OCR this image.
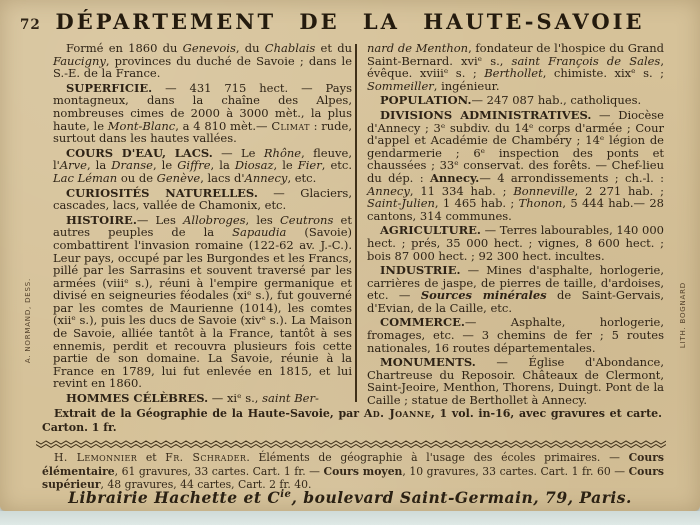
72 DÉPARTEMENT DE LA HAUTE-SAVOIE

Formé en 1860 du Genevois, du Chablais et du Faucigny, provinces du duché de Savoie ; dans le S.-E. de la France.

SUPERFICIE. — 431 715 hect. — Pays montagneux, dans la chaîne des Alpes, nombreuses cimes de 2000 à 3000 mèt., la plus haute, le Mont-Blanc, a 4 810 mèt.— Climat : rude, surtout dans les hautes vallées.

COURS D'EAU, LACS. — Le Rhône, fleuve, l'Arve, la Dranse, le Giffre, la Diosaz, le Fier, etc. Lac Léman ou de Genève, lacs d'Annecy, etc.

CURIOSITÉS NATURELLES. — Glaciers, cascades, lacs, vallée de Chamonix, etc.

HISTOIRE.— Les Allobroges, les Ceutrons et autres peuples de la Sapaudia (Savoie) combattirent l'invasion romaine (122-62 av. J.-C.). Leur pays, occupé par les Burgondes et les Francs, pillé par les Sarrasins et souvent traversé par les armées (viiiᵉ s.), réuni à l'empire germanique et divisé en seigneuries féodales (xiᵉ s.), fut gouverné par les comtes de Maurienne (1014), les comtes (xiiᵉ s.), puis les ducs de Savoie (xivᵉ s.). La Maison de Savoie, alliée tantôt à la France, tantôt à ses ennemis, perdit et recouvra plusieurs fois cette partie de son domaine. La Savoie, réunie à la France en 1789, lui fut enlevée en 1815, et lui revint en 1860.

HOMMES CÉLÈBRES. — xiᵉ s., saint Ber-

nard de Menthon, fondateur de l'hospice du Grand Saint-Bernard. xviᵉ s., saint François de Sales, évêque. xviiiᵉ s. ; Berthollet, chimiste. xixᵉ s. ; Sommeiller, ingénieur.

POPULATION.— 247 087 hab., catholiques.

DIVISIONS ADMINISTRATIVES. — Diocèse d'Annecy ; 3ᵉ subdiv. du 14ᵉ corps d'armée ; Cour d'appel et Académie de Chambéry ; 14ᵉ légion de gendarmerie ; 6ᵉ inspection des ponts et chaussées ; 33ᵉ conservat. des forêts. — Chef-lieu du dép. : Annecy.— 4 arrondissements ; ch.-l. : Annecy, 11 334 hab. ; Bonneville, 2 271 hab. ; Saint-Julien, 1 465 hab. ; Thonon, 5 444 hab.— 28 cantons, 314 communes.

AGRICULTURE. — Terres labourables, 140 000 hect. ; prés, 35 000 hect. ; vignes, 8 600 hect. ; bois 87 000 hect. ; 92 300 hect. incultes.

INDUSTRIE. — Mines d'asphalte, horlogerie, carrières de jaspe, de pierres de taille, d'ardoises, etc. — Sources minérales de Saint-Gervais, d'Evian, de la Caille, etc.

COMMERCE.— Asphalte, horlogerie, fromages, etc. — 3 chemins de fer ; 5 routes nationales, 16 routes départementales.

MONUMENTS. — Église d'Abondance, Chartreuse du Reposoir. Châteaux de Clermont, Saint-Jeoire, Menthon, Thorens, Duingt. Pont de la Caille ; statue de Berthollet à Annecy.

Extrait de la Géographie de la Haute-Savoie, par Ad. Joanne, 1 vol. in-16, avec gravures et carte. Carton. 1 fr.

H. Lemonnier et Fr. Schrader. Éléments de géographie à l'usage des écoles primaires. — Cours élémentaire, 61 gravures, 33 cartes. Cart. 1 fr. — Cours moyen, 10 gravures, 33 cartes. Cart. 1 fr. 60 — Cours supérieur, 48 gravures, 44 cartes, Cart. 2 fr. 40.

Librairie Hachette et $C^{ie}$, boulevard Saint-Germain, 79, Paris.

A. NORMAND, DESS.	LITH. BOGNARD
